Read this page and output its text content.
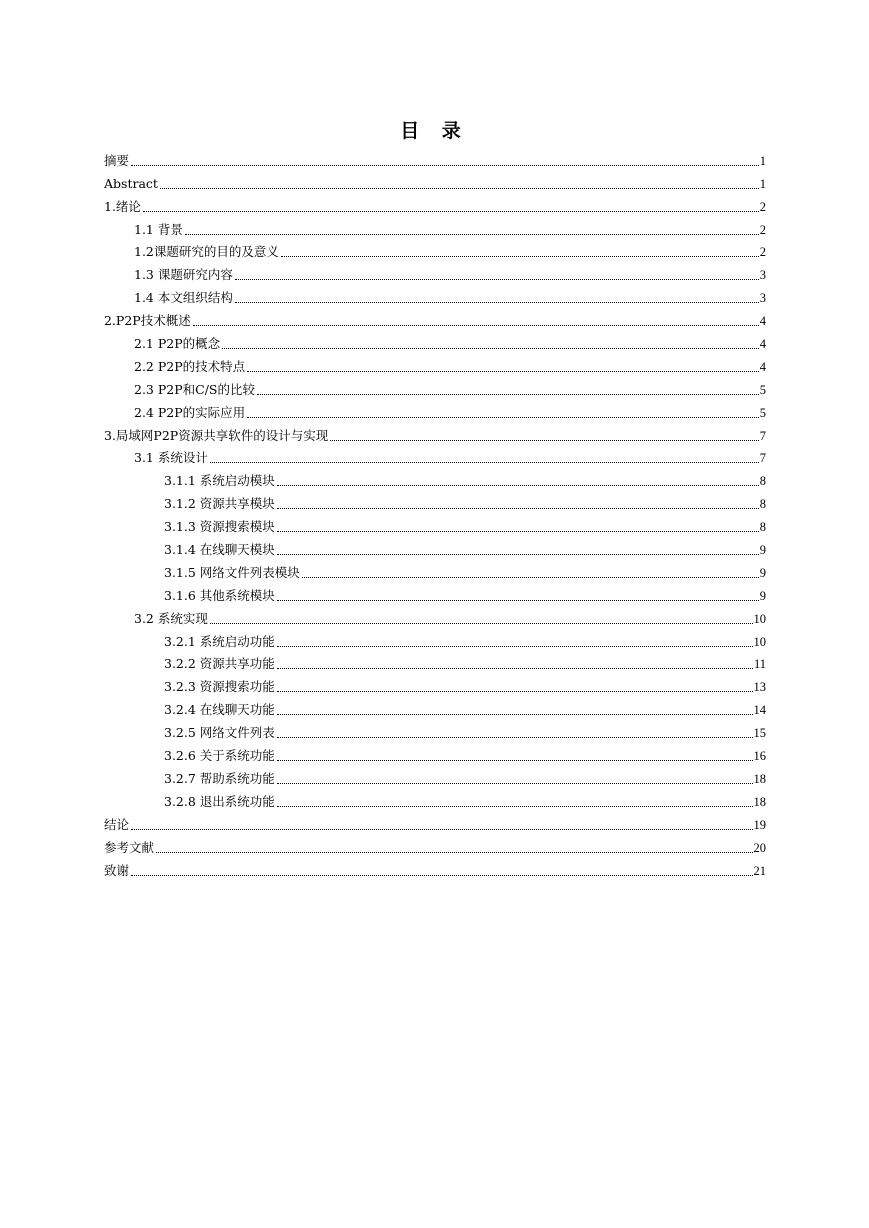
目 录
摘要	1
Abstract	1
1.绪论	2
1.1 背景	2
1.2课题研究的目的及意义	2
1.3 课题研究内容	3
1.4 本文组织结构	3
2.P2P技术概述	4
2.1 P2P的概念	4
2.2 P2P的技术特点	4
2.3 P2P和C/S的比较	5
2.4 P2P的实际应用	5
3.局域网P2P资源共享软件的设计与实现	7
3.1 系统设计	7
3.1.1 系统启动模块	8
3.1.2 资源共享模块	8
3.1.3 资源搜索模块	8
3.1.4 在线聊天模块	9
3.1.5 网络文件列表模块	9
3.1.6 其他系统模块	9
3.2 系统实现	10
3.2.1 系统启动功能	10
3.2.2 资源共享功能	11
3.2.3 资源搜索功能	13
3.2.4 在线聊天功能	14
3.2.5 网络文件列表	15
3.2.6 关于系统功能	16
3.2.7 帮助系统功能	18
3.2.8 退出系统功能	18
结论	19
参考文献	20
致谢	21
